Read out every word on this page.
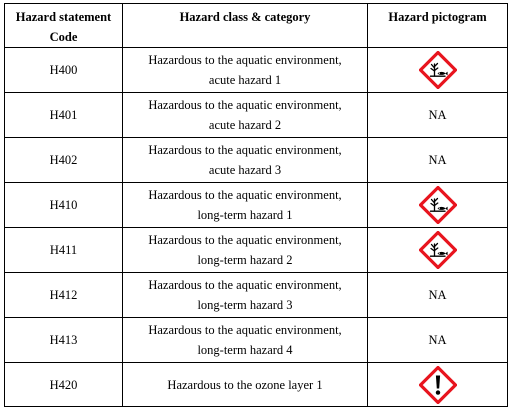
Hazard statement
Code	Hazard class & category	Hazard pictogram

H400	Hazardous to the aquatic environment,
acute hazard 1

H401	Hazardous to the aquatic environment,
acute hazard 2	NA
H402	Hazardous to the aquatic environment,
acute hazard 3	NA
H410	Hazardous to the aquatic environment,
long-term hazard 1

H411	Hazardous to the aquatic environment,
long-term hazard 2

H412	Hazardous to the aquatic environment,
long-term hazard 3	NA
H413	Hazardous to the aquatic environment,
long-term hazard 4	NA
H420	Hazardous to the ozone layer 1
